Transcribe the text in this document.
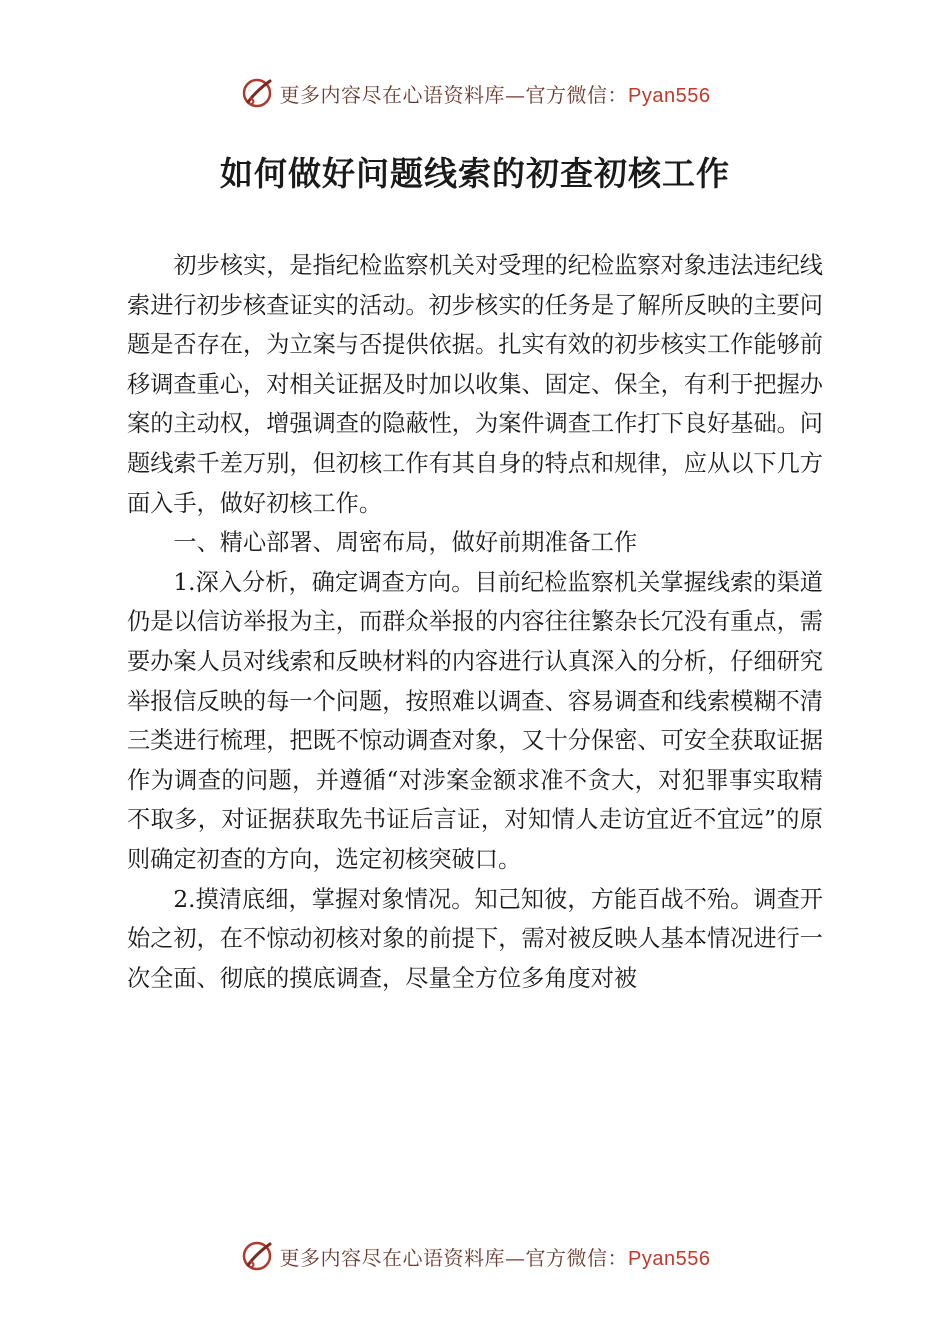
更多内容尽在心语资料库—官方微信：Pyan556
如何做好问题线索的初查初核工作

初步核实，是指纪检监察机关对受理的纪检监察对象违法违纪线索进行初步核查证实的活动。初步核实的任务是了解所反映的主要问题是否存在，为立案与否提供依据。扎实有效的初步核实工作能够前移调查重心，对相关证据及时加以收集、固定、保全，有利于把握办案的主动权，增强调查的隐蔽性，为案件调查工作打下良好基础。问题线索千差万别，但初核工作有其自身的特点和规律，应从以下几方面入手，做好初核工作。

一、精心部署、周密布局，做好前期准备工作

1.深入分析，确定调查方向。目前纪检监察机关掌握线索的渠道仍是以信访举报为主，而群众举报的内容往往繁杂长冗没有重点，需要办案人员对线索和反映材料的内容进行认真深入的分析，仔细研究举报信反映的每一个问题，按照难以调查、容易调查和线索模糊不清三类进行梳理，把既不惊动调查对象，又十分保密、可安全获取证据作为调查的问题，并遵循“对涉案金额求准不贪大，对犯罪事实取精不取多，对证据获取先书证后言证，对知情人走访宜近不宜远”的原则确定初查的方向，选定初核突破口。

2.摸清底细，掌握对象情况。知己知彼，方能百战不殆。调查开始之初，在不惊动初核对象的前提下，需对被反映人基本情况进行一次全面、彻底的摸底调查，尽量全方位多角度对被

更多内容尽在心语资料库—官方微信：Pyan556
